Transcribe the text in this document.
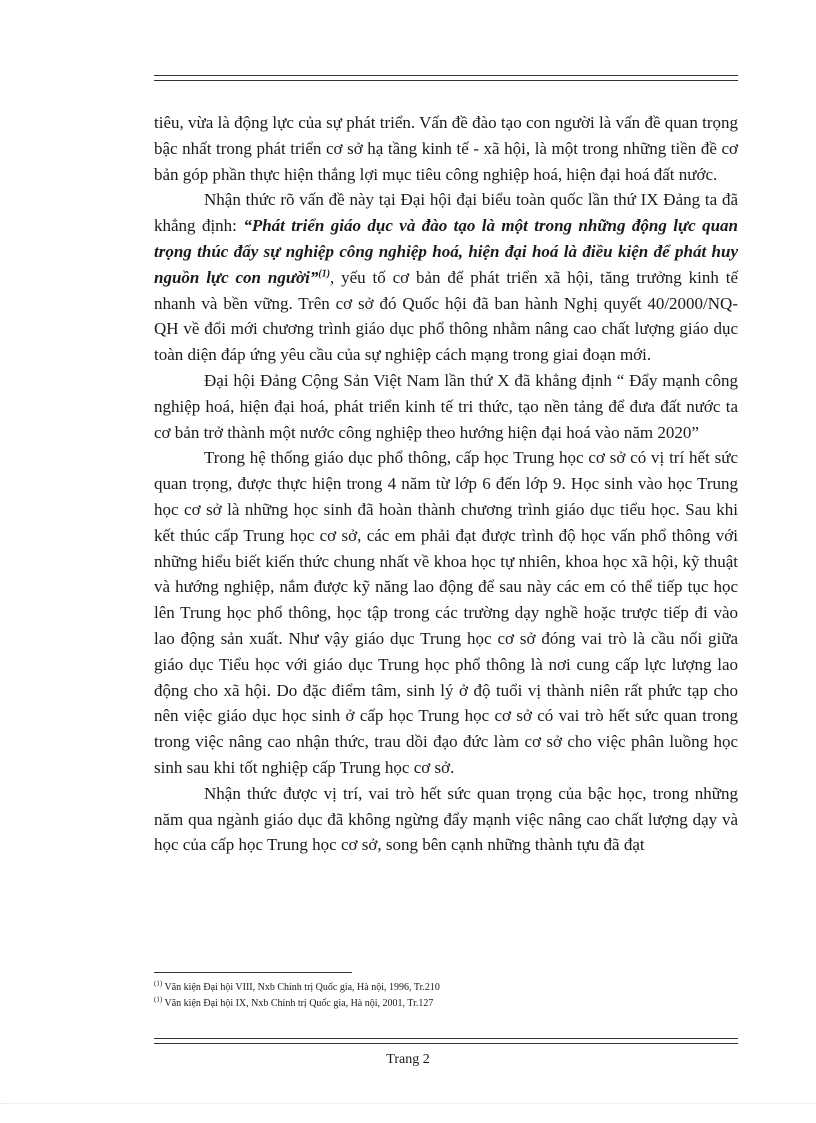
tiêu, vừa là động lực của sự phát triển. Vấn đề đào tạo con người là vấn đề quan trọng bậc nhất trong phát triển cơ sở hạ tầng kinh tế - xã hội, là một trong những tiền đề cơ bản góp phần thực hiện thắng lợi mục tiêu công nghiệp hoá, hiện đại hoá đất nước.

Nhận thức rõ vấn đề này tại Đại hội đại biểu toàn quốc lần thứ IX Đảng ta đã khẳng định: “Phát triển giáo dục và đào tạo là một trong những động lực quan trọng thúc đẩy sự nghiệp công nghiệp hoá, hiện đại hoá là điều kiện để phát huy nguồn lực con người”$^{(1)}$, yếu tố cơ bản để phát triển xã hội, tăng trưởng kinh tế nhanh và bền vững. Trên cơ sở đó Quốc hội đã ban hành Nghị quyết 40/2000/NQ-QH về đổi mới chương trình giáo dục phổ thông nhằm nâng cao chất lượng giáo dục toàn diện đáp ứng yêu cầu của sự nghiệp cách mạng trong giai đoạn mới.

Đại hội Đảng Cộng Sản Việt Nam lần thứ X đã khẳng định “ Đẩy mạnh công nghiệp hoá, hiện đại hoá, phát triển kinh tế tri thức, tạo nền tảng để đưa đất nước ta cơ bản trở thành một nước công nghiệp theo hướng hiện đại hoá vào năm 2020”

Trong hệ thống giáo dục phổ thông, cấp học Trung học cơ sở có vị trí hết sức quan trọng, được thực hiện trong 4 năm từ lớp 6 đến lớp 9. Học sinh vào học Trung học cơ sở là những học sinh đã hoàn thành chương trình giáo dục tiểu học. Sau khi kết thúc cấp Trung học cơ sở, các em phải đạt được trình độ học vấn phổ thông với những hiểu biết kiến thức chung nhất về khoa học tự nhiên, khoa học xã hội, kỹ thuật và hướng nghiệp, nắm được kỹ năng lao động để sau này các em có thể tiếp tục học lên Trung học phổ thông, học tập trong các trường dạy nghề hoặc trược tiếp đi vào lao động sản xuất. Như vậy giáo dục Trung học cơ sở đóng vai trò là cầu nối giữa giáo dục Tiểu học với giáo dục Trung học phổ thông là nơi cung cấp lực lượng lao động cho xã hội. Do đặc điểm tâm, sinh lý ở độ tuổi vị thành niên rất phức tạp cho nên việc giáo dục học sinh ở cấp học Trung học cơ sở có vai trò hết sức quan trong trong việc nâng cao nhận thức, trau dồi đạo đức làm cơ sở cho việc phân luồng học sinh sau khi tốt nghiệp cấp Trung học cơ sở.

Nhận thức được vị trí, vai trò hết sức quan trọng của bậc học, trong những năm qua ngành giáo dục đã không ngừng đẩy mạnh việc nâng cao chất lượng dạy và học của cấp học Trung học cơ sở, song bên cạnh những thành tựu đã đạt

$^{(1)}$ Văn kiện Đại hội VIII, Nxb Chính trị Quốc gia, Hà nội, 1996, Tr.210
$^{(1)}$ Văn kiện Đại hội IX, Nxb Chính trị Quốc gia, Hà nội, 2001, Tr.127
Trang 2
